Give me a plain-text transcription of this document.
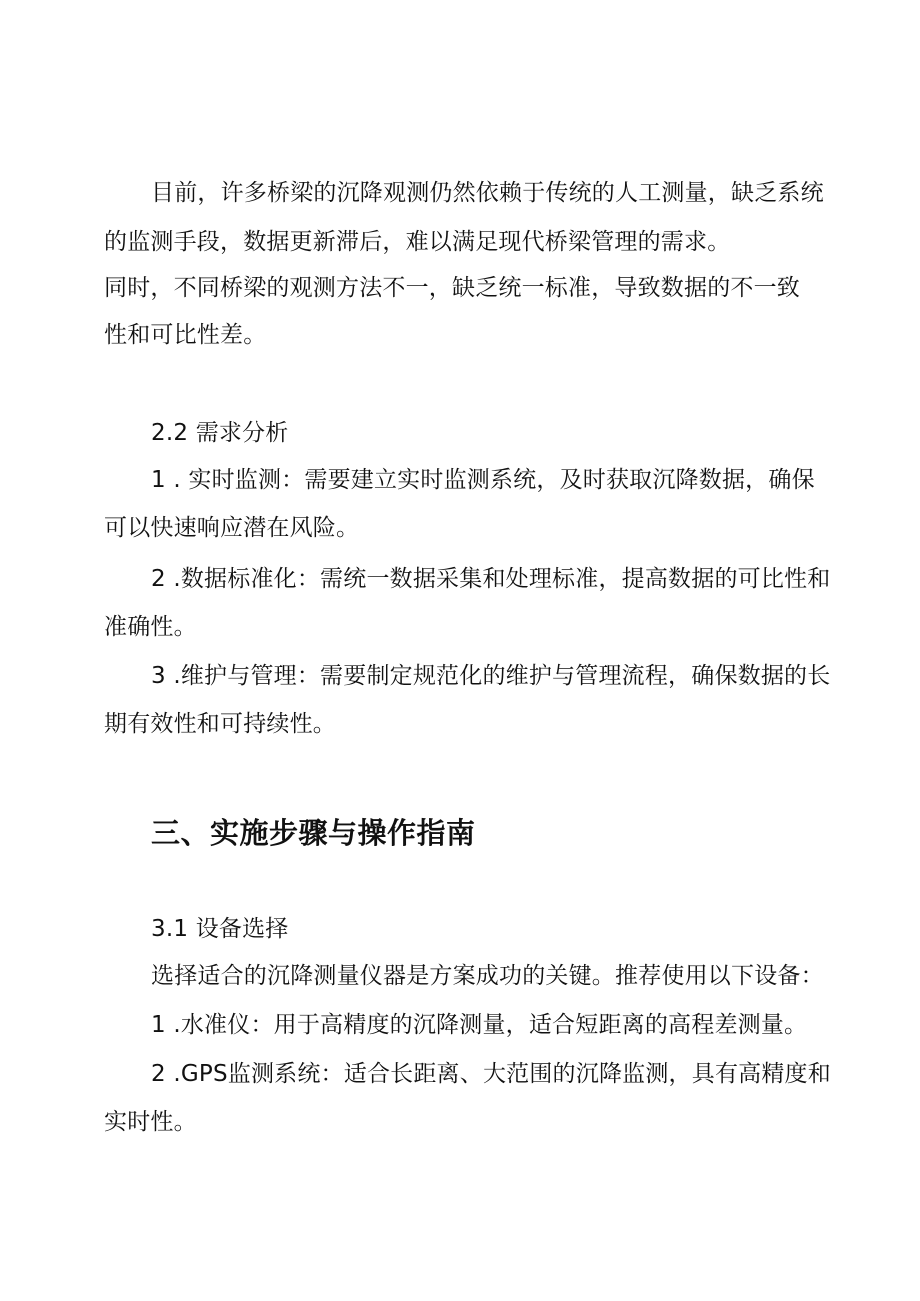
目前，许多桥梁的沉降观测仍然依赖于传统的人工测量，缺乏系统
的监测手段，数据更新滞后，难以满足现代桥梁管理的需求。
同时，不同桥梁的观测方法不一，缺乏统一标准，导致数据的不一致
性和可比性差。
2.2 需求分析
1 . 实时监测：需要建立实时监测系统，及时获取沉降数据，确保
可以快速响应潜在风险。
2 .数据标准化：需统一数据采集和处理标准，提高数据的可比性和
准确性。
3 .维护与管理：需要制定规范化的维护与管理流程，确保数据的长
期有效性和可持续性。
三、实施步骤与操作指南
3.1 设备选择
选择适合的沉降测量仪器是方案成功的关键。推荐使用以下设备：
1 .水准仪：用于高精度的沉降测量，适合短距离的高程差测量。
2 .GPS监测系统：适合长距离、大范围的沉降监测，具有高精度和
实时性。
